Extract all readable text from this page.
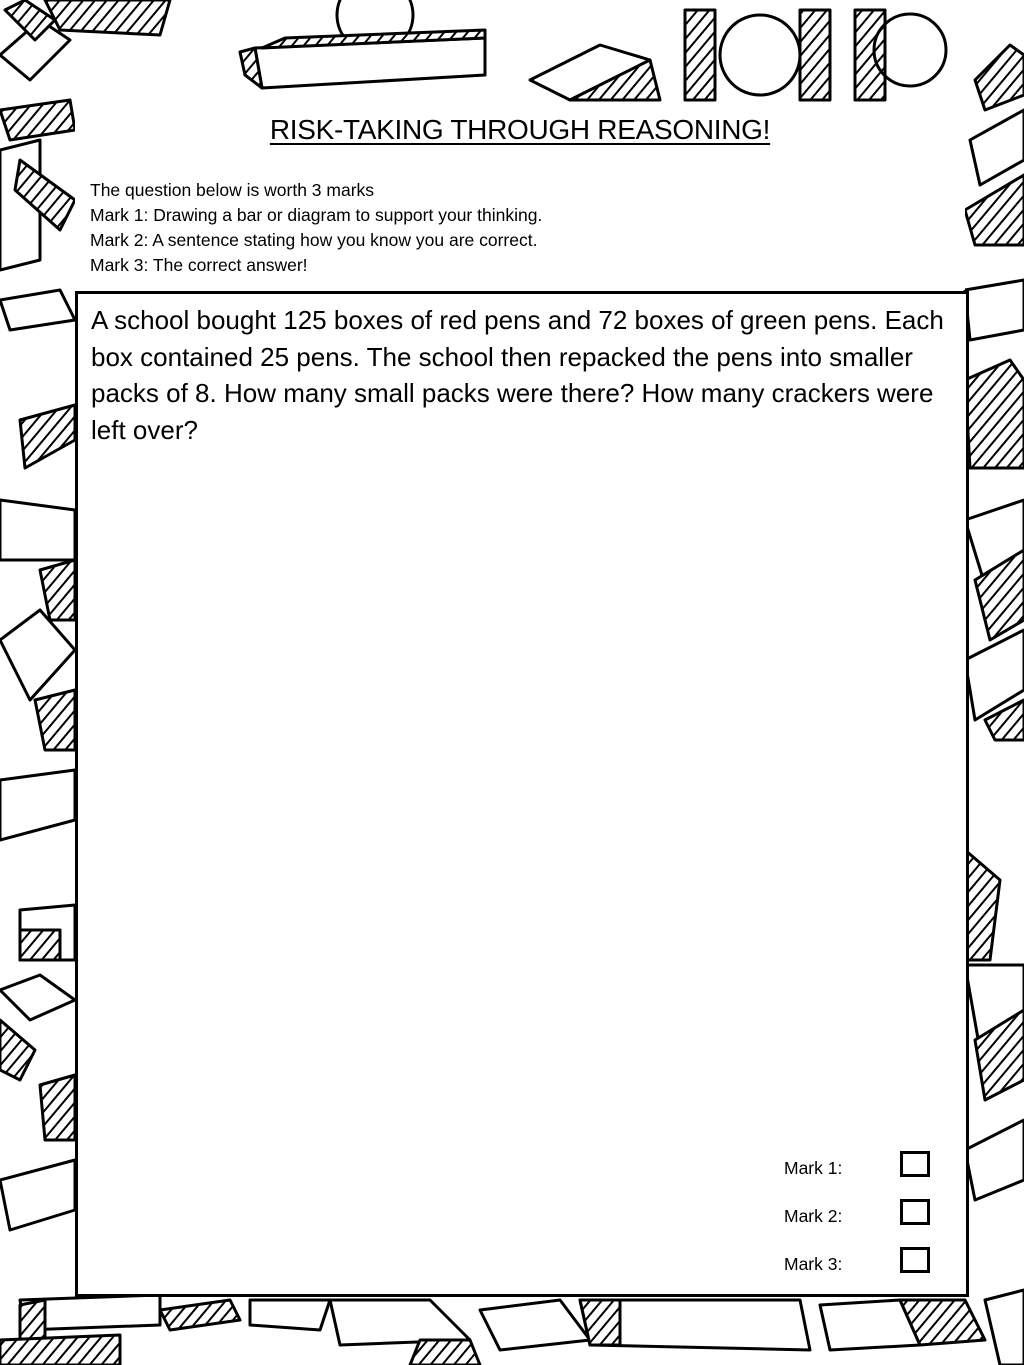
RISK-TAKING THROUGH REASONING!
The question below is worth 3 marks
Mark 1: Drawing a bar or diagram to support your thinking.
Mark 2: A sentence stating how you know you are correct.
Mark 3: The correct answer!
A school bought 125 boxes of red pens and 72 boxes of green pens. Each box contained 25 pens. The school then repacked the pens into smaller packs of 8. How many small packs were there? How many crackers were left over?
Mark 1:
Mark 2:
Mark 3:
